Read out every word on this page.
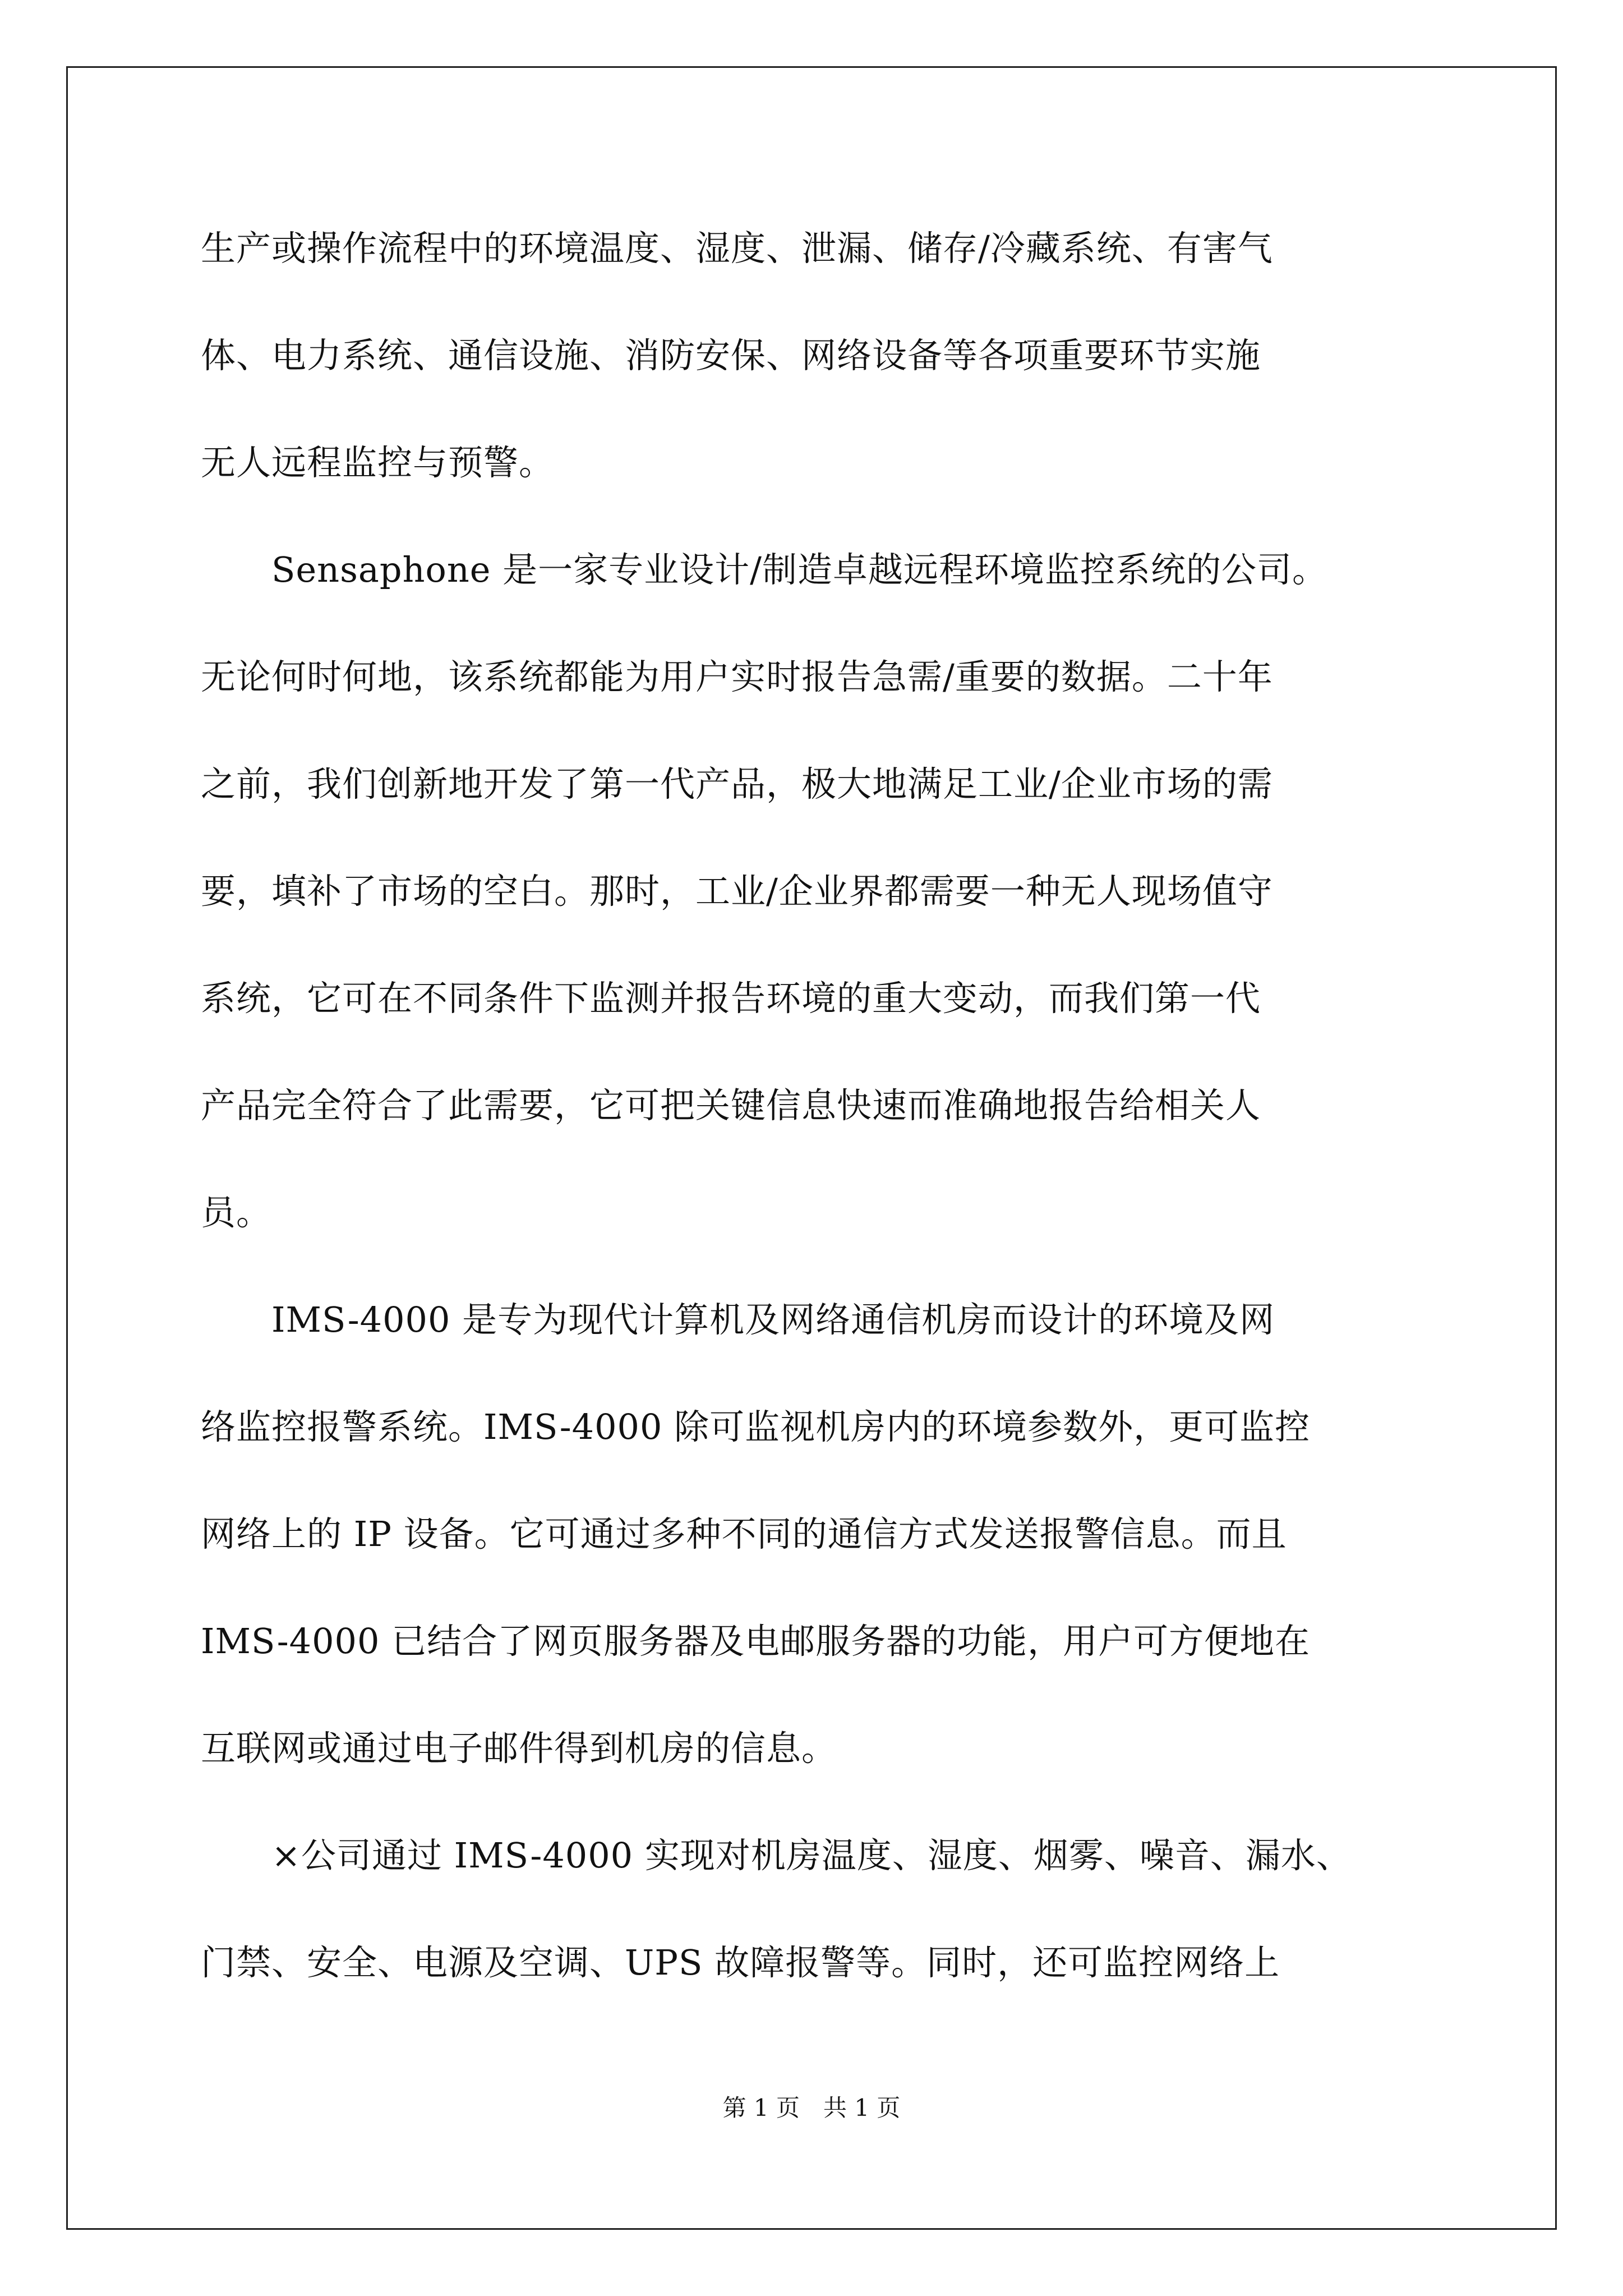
生产或操作流程中的环境温度、湿度、泄漏、储存/冷藏系统、有害气
体、电力系统、通信设施、消防安保、网络设备等各项重要环节实施
无人远程监控与预警。
　　Sensaphone 是一家专业设计/制造卓越远程环境监控系统的公司。
无论何时何地，该系统都能为用户实时报告急需/重要的数据。二十年
之前，我们创新地开发了第一代产品，极大地满足工业/企业市场的需
要，填补了市场的空白。那时，工业/企业界都需要一种无人现场值守
系统，它可在不同条件下监测并报告环境的重大变动，而我们第一代
产品完全符合了此需要，它可把关键信息快速而准确地报告给相关人
员。
　　IMS-4000 是专为现代计算机及网络通信机房而设计的环境及网
络监控报警系统。IMS-4000 除可监视机房内的环境参数外，更可监控
网络上的 IP 设备。它可通过多种不同的通信方式发送报警信息。而且
IMS-4000 已结合了网页服务器及电邮服务器的功能，用户可方便地在
互联网或通过电子邮件得到机房的信息。
　　×公司通过 IMS-4000 实现对机房温度、湿度、烟雾、噪音、漏水、
门禁、安全、电源及空调、UPS 故障报警等。同时，还可监控网络上
第 1 页　共 1 页
